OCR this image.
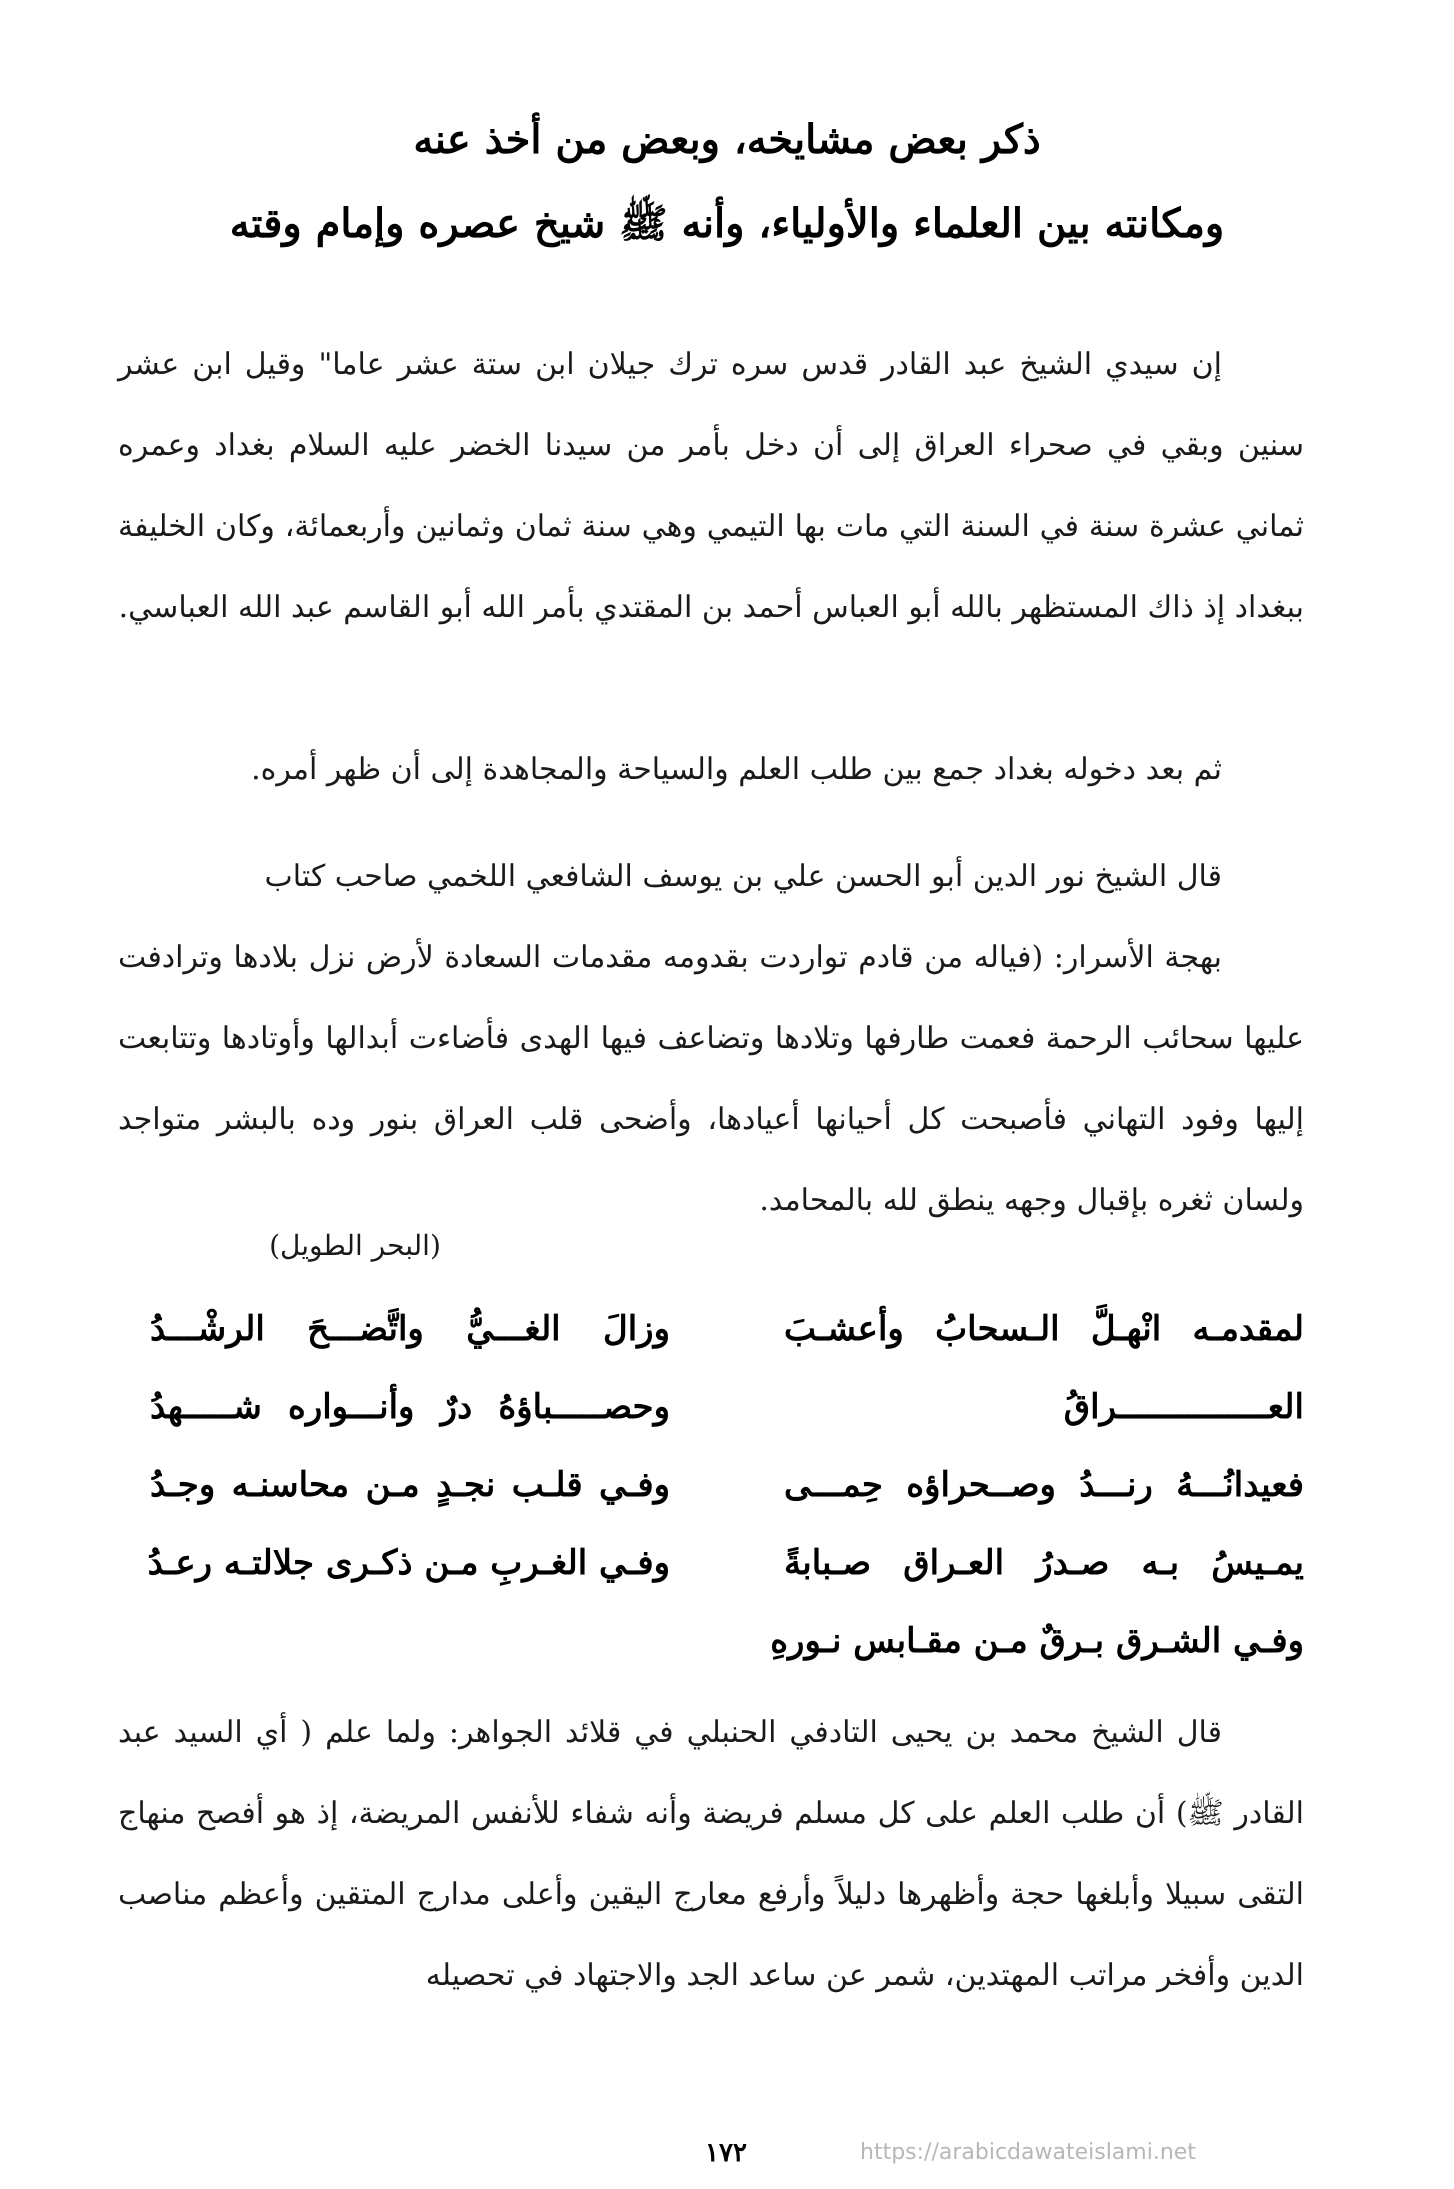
ذكر بعض مشايخه، وبعض من أخذ عنه
ومكانته بين العلماء والأولياء، وأنه ﷺ شيخ عصره وإمام وقته

إن سيدي الشيخ عبد القادر قدس سره ترك جيلان ابن ستة عشر عاما" وقيل ابن عشر سنين وبقي في صحراء العراق إلى أن دخل بأمر من سيدنا الخضر عليه السلام بغداد وعمره ثماني عشرة سنة في السنة التي مات بها التيمي وهي سنة ثمان وثمانين وأربعمائة، وكان الخليفة ببغداد إذ ذاك المستظهر بالله أبو العباس أحمد بن المقتدي بأمر الله أبو القاسم عبد الله العباسي.

ثم بعد دخوله بغداد جمع بين طلب العلم والسياحة والمجاهدة إلى أن ظهر أمره.

قال الشيخ نور الدين أبو الحسن علي بن يوسف الشافعي اللخمي صاحب كتاب

بهجة الأسرار: (فياله من قادم تواردت بقدومه مقدمات السعادة لأرض نزل بلادها وترادفت عليها سحائب الرحمة فعمت طارفها وتلادها وتضاعف فيها الهدى فأضاءت أبدالها وأوتادها وتتابعت إليها وفود التهاني فأصبحت كل أحيانها أعيادها، وأضحى قلب العراق بنور وده بالبشر متواجد ولسان ثغره بإقبال وجهه ينطق لله بالمحامد.

(البحر الطويل)
لمقدمـه انْهـلَّ الـسحابُ وأعشـبَ
وزالَ الغـــيُّ واتَّضـــحَ الرشْـــدُ
العـــــــــــــــراقُ
وحصـــــباؤهُ درٌ وأنـــواره شـــــهدُ
فعيدانُـــهُ رنـــدُ وصــحراؤه حِمـــى
وفـي قلـب نجـدٍ مـن محاسنـه وجـدُ
يمـيسُ بـه صـدرُ العـراق صـبابةً
وفـي الغـربِ مـن ذكـرى جلالتـه رعـدُ
وفـي الشـرق بـرقٌ مـن مقـابس نـورهِ

قال الشيخ محمد بن يحيى التادفي الحنبلي في قلائد الجواهر: ولما علم ( أي السيد عبد القادر ﷺ) أن طلب العلم على كل مسلم فريضة وأنه شفاء للأنفس المريضة، إذ هو أفصح منهاج التقى سبيلا وأبلغها حجة وأظهرها دليلاً وأرفع معارج اليقين وأعلى مدارج المتقين وأعظم مناصب الدين وأفخر مراتب المهتدين، شمر عن ساعد الجد والاجتهاد في تحصيله

١٧٢	https://arabicdawateislami.net
